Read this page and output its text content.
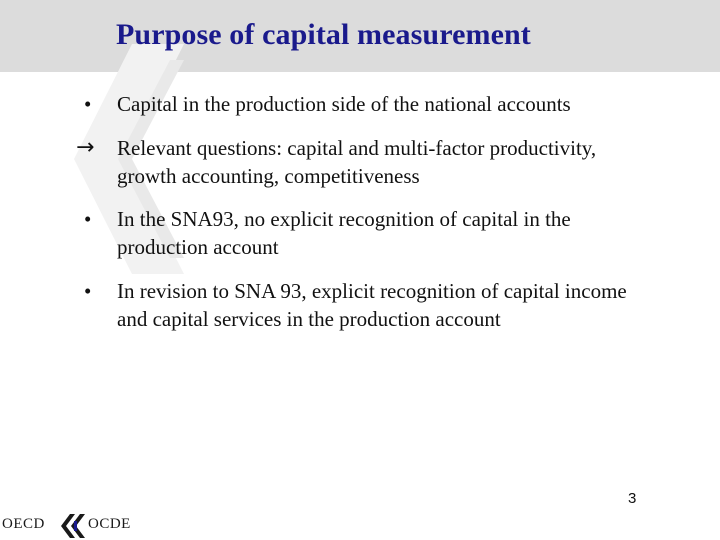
Purpose of capital measurement
• Capital in the production side of the national accounts
→ Relevant questions: capital and multi-factor productivity, growth accounting, competitiveness
• In the SNA93, no explicit recognition of capital in the production account
• In revision to SNA 93, explicit recognition of capital income and capital services in the production account
3
OECD	OCDE
